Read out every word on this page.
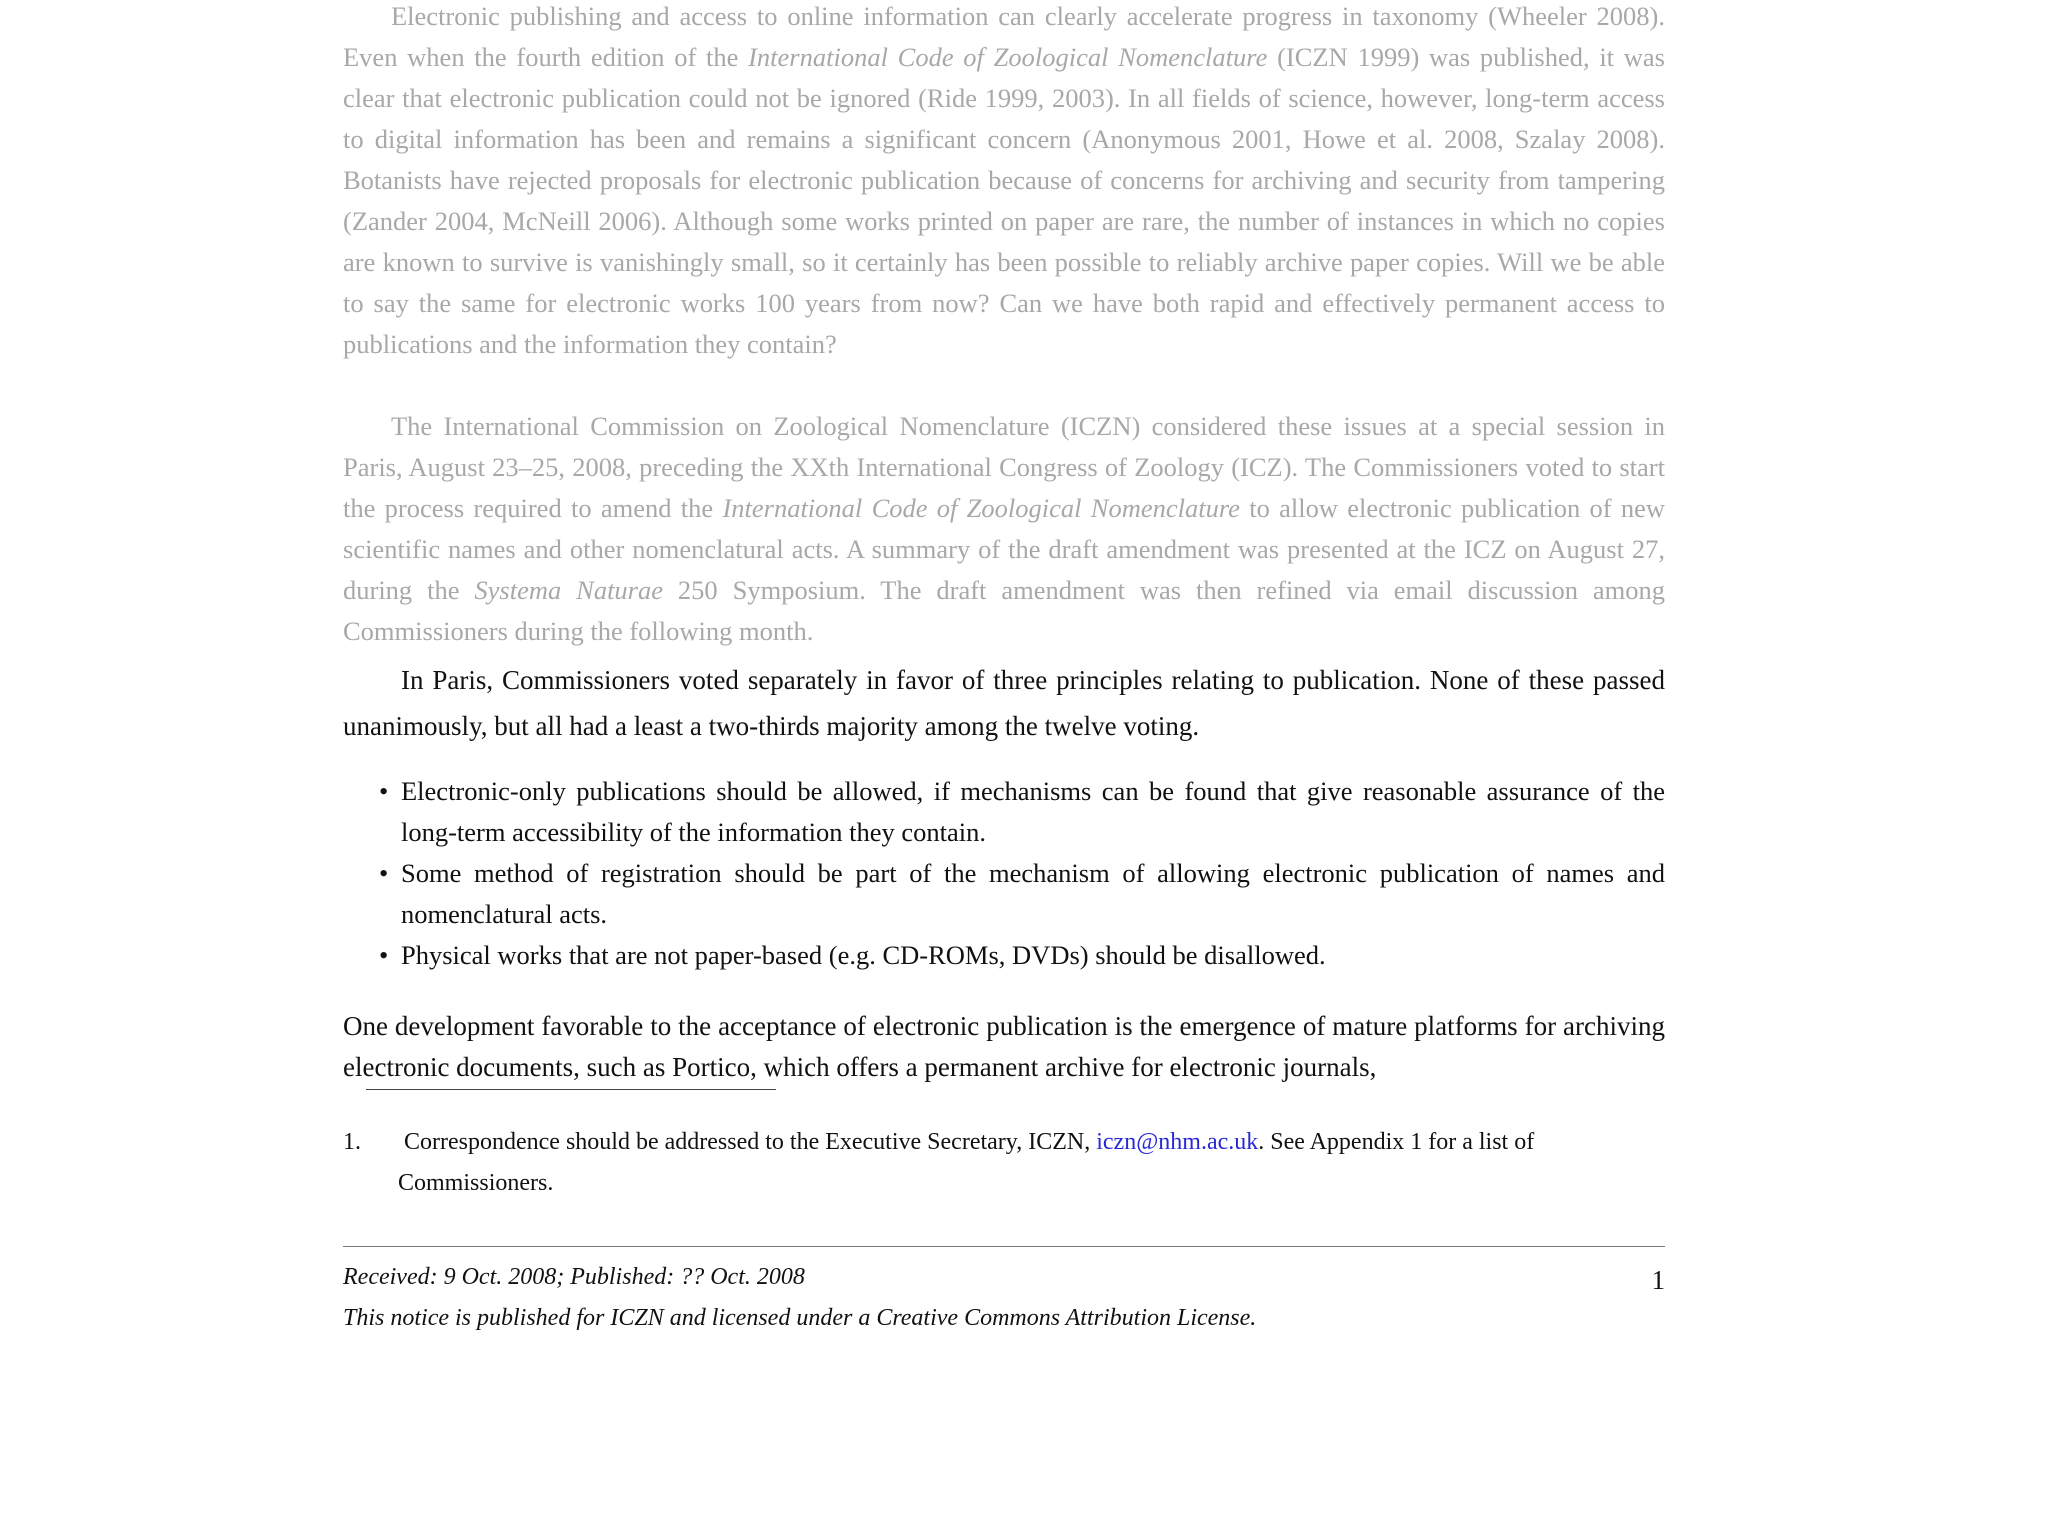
Electronic publishing and access to online information can clearly accelerate progress in taxonomy (Wheeler 2008). Even when the fourth edition of the International Code of Zoological Nomenclature (ICZN 1999) was published, it was clear that electronic publication could not be ignored (Ride 1999, 2003). In all fields of science, however, long-term access to digital information has been and remains a significant concern (Anonymous 2001, Howe et al. 2008, Szalay 2008). Botanists have rejected proposals for electronic publication because of concerns for archiving and security from tampering (Zander 2004, McNeill 2006). Although some works printed on paper are rare, the number of instances in which no copies are known to survive is vanishingly small, so it certainly has been possible to reliably archive paper copies. Will we be able to say the same for electronic works 100 years from now? Can we have both rapid and effectively permanent access to publications and the information they contain?

The International Commission on Zoological Nomenclature (ICZN) considered these issues at a special session in Paris, August 23–25, 2008, preceding the XXth International Congress of Zoology (ICZ). The Commissioners voted to start the process required to amend the International Code of Zoological Nomenclature to allow electronic publication of new scientific names and other nomenclatural acts. A summary of the draft amendment was presented at the ICZ on August 27, during the Systema Naturae 250 Symposium. The draft amendment was then refined via email discussion among Commissioners during the following month.

In Paris, Commissioners voted separately in favor of three principles relating to publication. None of these passed unanimously, but all had a least a two-thirds majority among the twelve voting.

• Electronic-only publications should be allowed, if mechanisms can be found that give reasonable assurance of the long-term accessibility of the information they contain.
• Some method of registration should be part of the mechanism of allowing electronic publication of names and nomenclatural acts.
• Physical works that are not paper-based (e.g. CD-ROMs, DVDs) should be disallowed.

One development favorable to the acceptance of electronic publication is the emergence of mature platforms for archiving electronic documents, such as Portico, which offers a permanent archive for electronic journals,

1. Correspondence should be addressed to the Executive Secretary, ICZN, iczn@nhm.ac.uk. See Appendix 1 for a list of Commissioners.
Received: 9 Oct. 2008; Published: ?? Oct. 2008	1
This notice is published for ICZN and licensed under a Creative Commons Attribution License.
